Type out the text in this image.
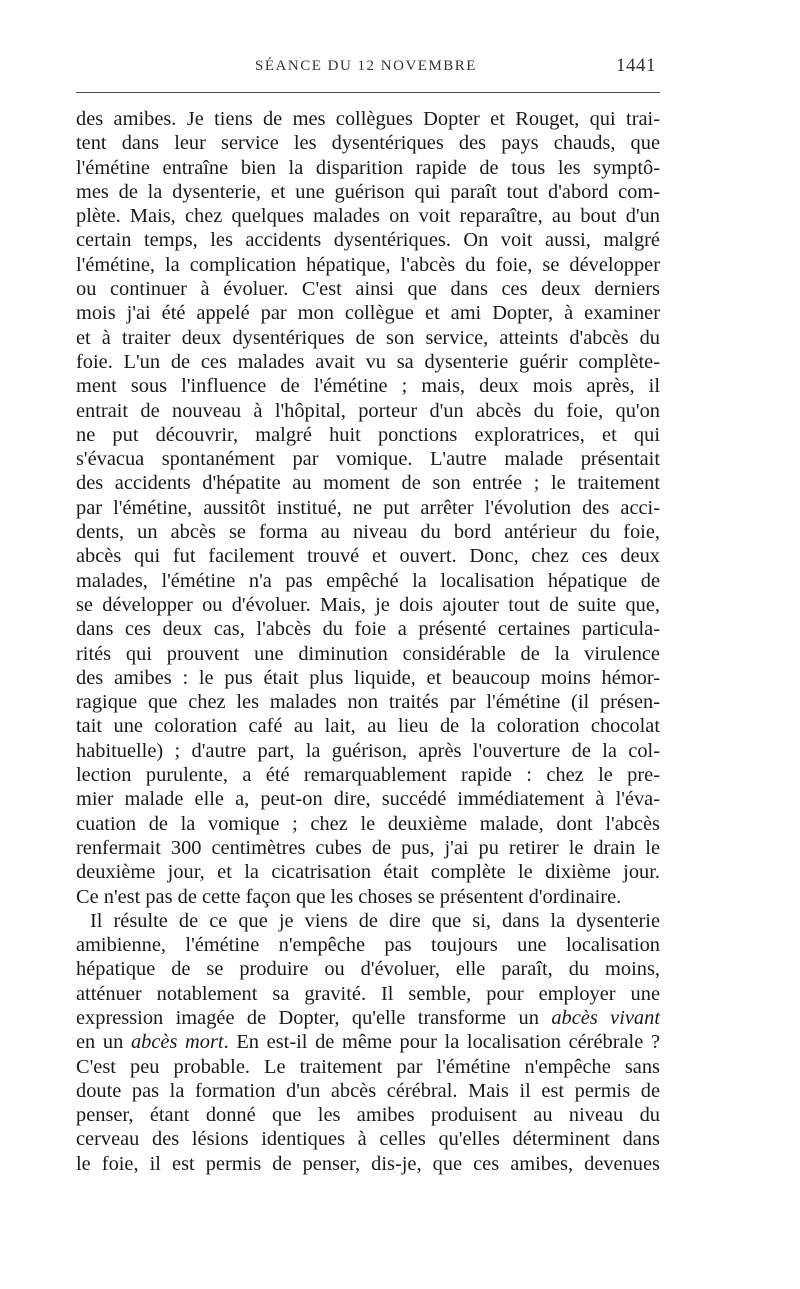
SÉANCE DU 12 NOVEMBRE	1441
des amibes. Je tiens de mes collègues Dopter et Rouget, qui trai-
tent dans leur service les dysentériques des pays chauds, que
l'émétine entraîne bien la disparition rapide de tous les symptô-
mes de la dysenterie, et une guérison qui paraît tout d'abord com-
plète. Mais, chez quelques malades on voit reparaître, au bout d'un
certain temps, les accidents dysentériques. On voit aussi, malgré
l'émétine, la complication hépatique, l'abcès du foie, se développer
ou continuer à évoluer. C'est ainsi que dans ces deux derniers
mois j'ai été appelé par mon collègue et ami Dopter, à examiner
et à traiter deux dysentériques de son service, atteints d'abcès du
foie. L'un de ces malades avait vu sa dysenterie guérir complète-
ment sous l'influence de l'émétine ; mais, deux mois après, il
entrait de nouveau à l'hôpital, porteur d'un abcès du foie, qu'on
ne put découvrir, malgré huit ponctions exploratrices, et qui
s'évacua spontanément par vomique. L'autre malade présentait
des accidents d'hépatite au moment de son entrée ; le traitement
par l'émétine, aussitôt institué, ne put arrêter l'évolution des acci-
dents, un abcès se forma au niveau du bord antérieur du foie,
abcès qui fut facilement trouvé et ouvert. Donc, chez ces deux
malades, l'émétine n'a pas empêché la localisation hépatique de
se développer ou d'évoluer. Mais, je dois ajouter tout de suite que,
dans ces deux cas, l'abcès du foie a présenté certaines particula-
rités qui prouvent une diminution considérable de la virulence
des amibes : le pus était plus liquide, et beaucoup moins hémor-
ragique que chez les malades non traités par l'émétine (il présen-
tait une coloration café au lait, au lieu de la coloration chocolat
habituelle) ; d'autre part, la guérison, après l'ouverture de la col-
lection purulente, a été remarquablement rapide : chez le pre-
mier malade elle a, peut-on dire, succédé immédiatement à l'éva-
cuation de la vomique ; chez le deuxième malade, dont l'abcès
renfermait 300 centimètres cubes de pus, j'ai pu retirer le drain le
deuxième jour, et la cicatrisation était complète le dixième jour.
Ce n'est pas de cette façon que les choses se présentent d'ordinaire.
Il résulte de ce que je viens de dire que si, dans la dysenterie
amibienne, l'émétine n'empêche pas toujours une localisation
hépatique de se produire ou d'évoluer, elle paraît, du moins,
atténuer notablement sa gravité. Il semble, pour employer une
expression imagée de Dopter, qu'elle transforme un abcès vivant
en un abcès mort. En est-il de même pour la localisation cérébrale ?
C'est peu probable. Le traitement par l'émétine n'empêche sans
doute pas la formation d'un abcès cérébral. Mais il est permis de
penser, étant donné que les amibes produisent au niveau du
cerveau des lésions identiques à celles qu'elles déterminent dans
le foie, il est permis de penser, dis-je, que ces amibes, devenues
